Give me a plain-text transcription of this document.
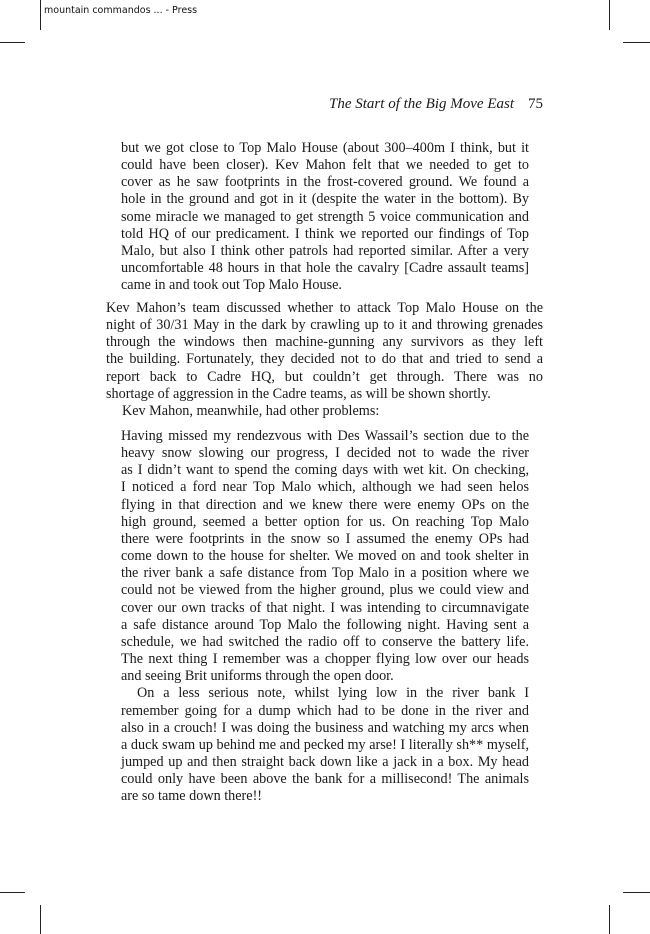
mountain commandos ... - Press
The Start of the Big Move East 75
but we got close to Top Malo House (about 300–400m I think, but it
could have been closer). Kev Mahon felt that we needed to get to
cover as he saw footprints in the frost-covered ground. We found a
hole in the ground and got in it (despite the water in the bottom). By
some miracle we managed to get strength 5 voice communication and
told HQ of our predicament. I think we reported our findings of Top
Malo, but also I think other patrols had reported similar. After a very
uncomfortable 48 hours in that hole the cavalry [Cadre assault teams]
came in and took out Top Malo House.
Kev Mahon’s team discussed whether to attack Top Malo House on the
night of 30/31 May in the dark by crawling up to it and throwing grenades
through the windows then machine-gunning any survivors as they left
the building. Fortunately, they decided not to do that and tried to send a
report back to Cadre HQ, but couldn’t get through. There was no
shortage of aggression in the Cadre teams, as will be shown shortly.
Kev Mahon, meanwhile, had other problems:
Having missed my rendezvous with Des Wassail’s section due to the
heavy snow slowing our progress, I decided not to wade the river
as I didn’t want to spend the coming days with wet kit. On checking,
I noticed a ford near Top Malo which, although we had seen helos
flying in that direction and we knew there were enemy OPs on the
high ground, seemed a better option for us. On reaching Top Malo
there were footprints in the snow so I assumed the enemy OPs had
come down to the house for shelter. We moved on and took shelter in
the river bank a safe distance from Top Malo in a position where we
could not be viewed from the higher ground, plus we could view and
cover our own tracks of that night. I was intending to circumnavigate
a safe distance around Top Malo the following night. Having sent a
schedule, we had switched the radio off to conserve the battery life.
The next thing I remember was a chopper flying low over our heads
and seeing Brit uniforms through the open door.
On a less serious note, whilst lying low in the river bank I
remember going for a dump which had to be done in the river and
also in a crouch! I was doing the business and watching my arcs when
a duck swam up behind me and pecked my arse! I literally sh** myself,
jumped up and then straight back down like a jack in a box. My head
could only have been above the bank for a millisecond! The animals
are so tame down there!!
